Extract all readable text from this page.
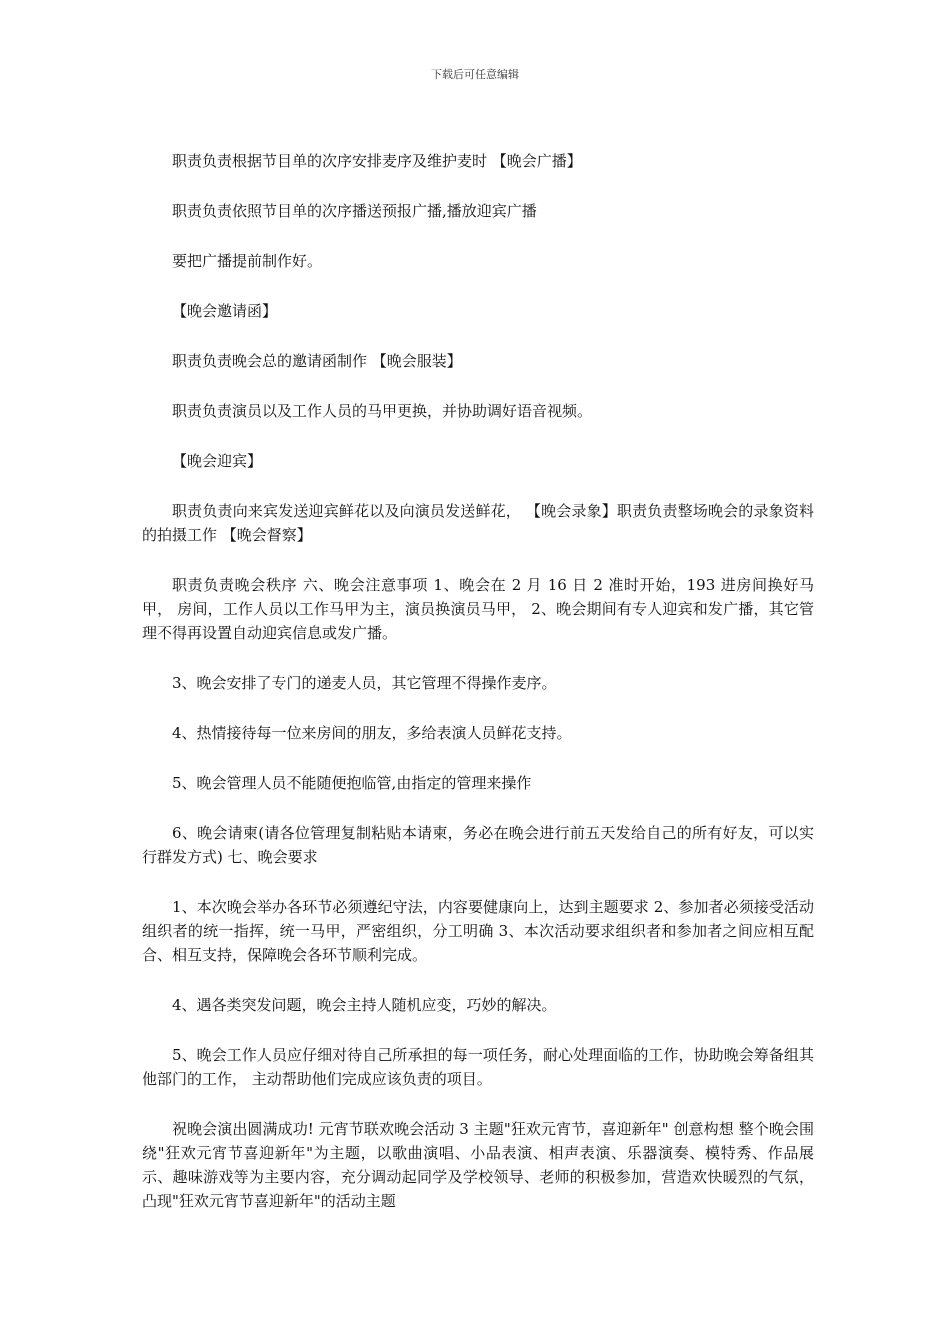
下载后可任意编辑

职责负责根据节目单的次序安排麦序及维护麦时 【晚会广播】

职责负责依照节目单的次序播送预报广播,播放迎宾广播

要把广播提前制作好。

【晚会邀请函】

职责负责晚会总的邀请函制作 【晚会服装】

职责负责演员以及工作人员的马甲更换，并协助调好语音视频。

【晚会迎宾】

职责负责向来宾发送迎宾鲜花以及向演员发送鲜花， 【晚会录象】职责负责整场晚会的录象资料的拍摄工作 【晚会督察】

职责负责晚会秩序 六、晚会注意事项 1、晚会在 2 月 16 日 2 准时开始，193 进房间换好马甲， 房间，工作人员以工作马甲为主，演员换演员马甲， 2、晚会期间有专人迎宾和发广播，其它管理不得再设置自动迎宾信息或发广播。

3、晚会安排了专门的递麦人员，其它管理不得操作麦序。

4、热情接待每一位来房间的朋友，多给表演人员鲜花支持。

5、晚会管理人员不能随便抱临管,由指定的管理来操作

6、晚会请柬(请各位管理复制粘贴本请柬，务必在晚会进行前五天发给自己的所有好友，可以实行群发方式) 七、晚会要求

1、本次晚会举办各环节必须遵纪守法，内容要健康向上，达到主题要求 2、参加者必须接受活动组织者的统一指挥，统一马甲，严密组织，分工明确 3、本次活动要求组织者和参加者之间应相互配合、相互支持，保障晚会各环节顺利完成。

4、遇各类突发问题，晚会主持人随机应变，巧妙的解决。

5、晚会工作人员应仔细对待自己所承担的每一项任务，耐心处理面临的工作，协助晚会筹备组其他部门的工作， 主动帮助他们完成应该负责的项目。

祝晚会演出圆满成功! 元宵节联欢晚会活动 3 主题"狂欢元宵节，喜迎新年" 创意构想 整个晚会围绕"狂欢元宵节喜迎新年"为主题，以歌曲演唱、小品表演、相声表演、乐器演奏、模特秀、作品展示、趣味游戏等为主要内容，充分调动起同学及学校领导、老师的积极参加，营造欢快暖烈的气氛，凸现"狂欢元宵节喜迎新年"的活动主题
